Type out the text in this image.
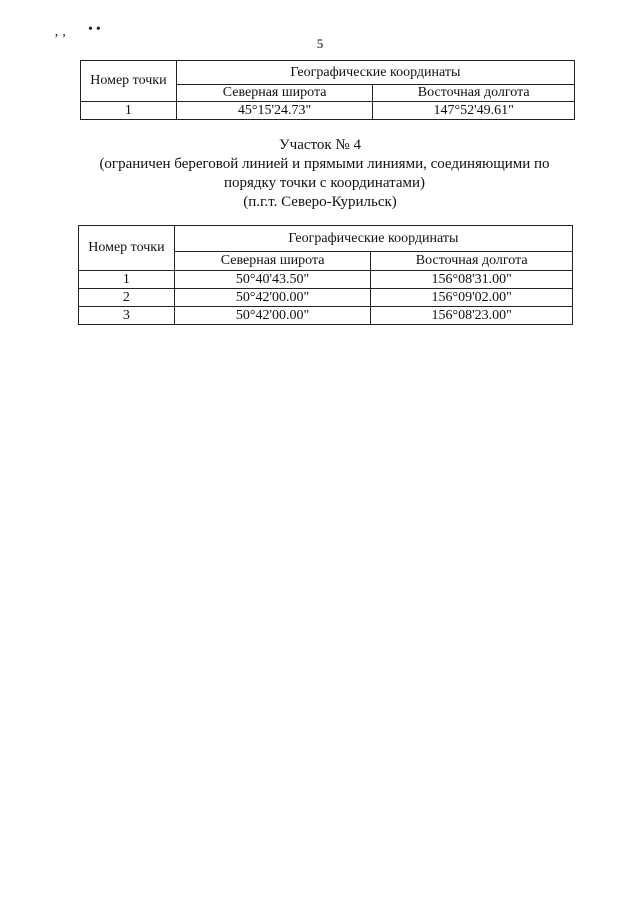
ʼʼ
••
5
Номер точки	Географические координаты	
	Северная широта	Восточная долгота
1	45°15'24.73"	147°52'49.61"
Участок № 4
(ограничен береговой линией и прямыми линиями, соединяющими по порядку точки с координатами)
(п.г.т. Северо-Курильск)
Номер точки	Географические координаты	
	Северная широта	Восточная долгота
1	50°40'43.50"	156°08'31.00"
2	50°42'00.00"	156°09'02.00"
3	50°42'00.00"	156°08'23.00"
